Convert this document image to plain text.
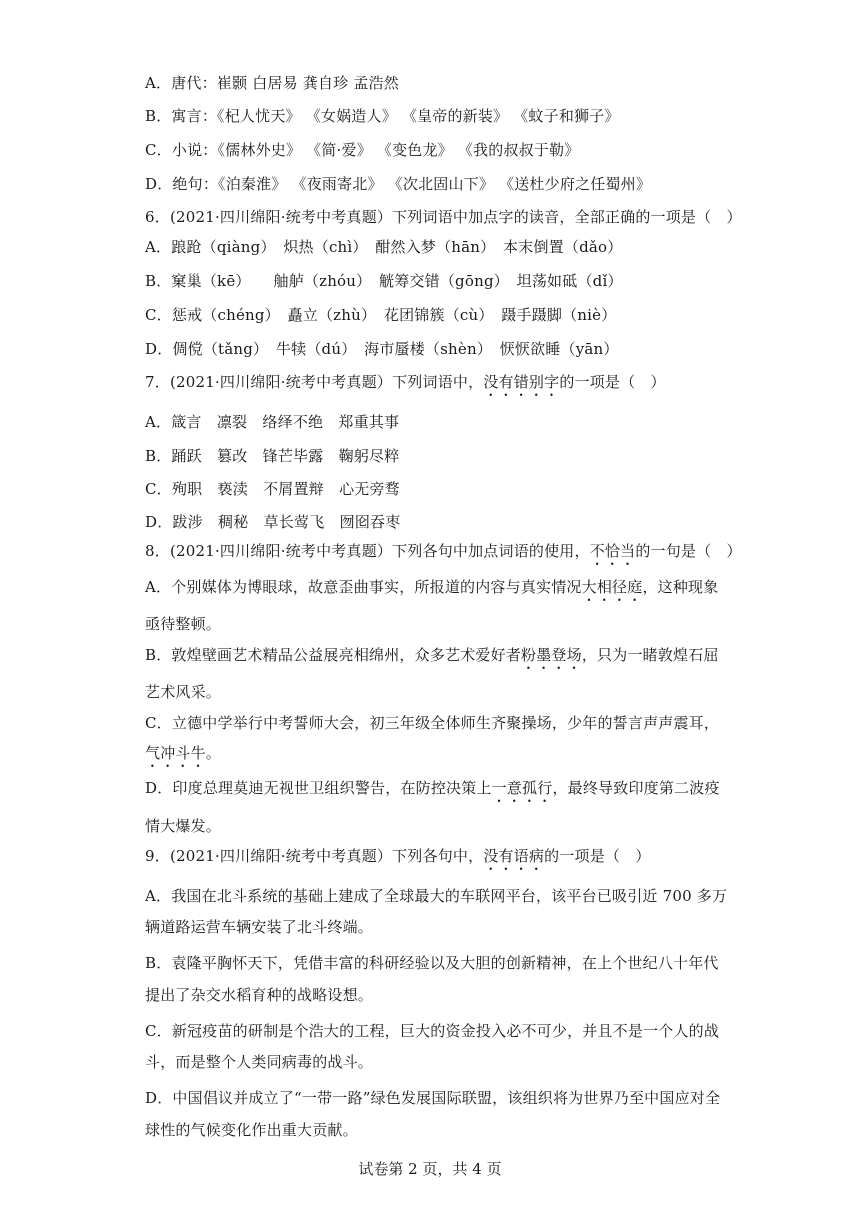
A．唐代：崔颢 白居易 龚自珍 孟浩然
B．寓言：《杞人忧天》 《女娲造人》 《皇帝的新装》 《蚊子和狮子》
C．小说：《儒林外史》 《简·爱》 《变色龙》 《我的叔叔于勒》
D．绝句：《泊秦淮》 《夜雨寄北》 《次北固山下》 《送杜少府之任蜀州》
6．(2021·四川绵阳·统考中考真题）下列词语中加点字的读音，全部正确的一项是（　）
A．踉跄（qiàng）　炽热（chì）　酣然入梦（hān）　本末倒置（dǎo）
B．窠巢（kē）　　舳舻（zhóu）　觥筹交错（gōng）　坦荡如砥（dǐ）
C．惩戒（chéng）　矗立（zhù）　花团锦簇（cù）　蹑手蹑脚（niè）
D．倜傥（tǎng）　牛犊（dú）　海市蜃楼（shèn）　恹恹欲睡（yān）
7．(2021·四川绵阳·统考中考真题）下列词语中，没有错别字的一项是（　）
A．箴言　凛裂　络绎不绝　郑重其事
B．踊跃　篡改　锋芒毕露　鞠躬尽粹
C．殉职　亵渎　不屑置辩　心无旁骛
D．跋涉　稠秘　草长莺飞　囫囵吞枣
8．(2021·四川绵阳·统考中考真题）下列各句中加点词语的使用，不恰当的一句是（　）
A．个别媒体为博眼球，故意歪曲事实，所报道的内容与真实情况大相径庭，这种现象
亟待整顿。
B．敦煌壁画艺术精品公益展亮相绵州，众多艺术爱好者粉墨登场，只为一睹敦煌石屈
艺术风采。
C．立德中学举行中考誓师大会，初三年级全体师生齐聚操场，少年的誓言声声震耳，
气冲斗牛。
D．印度总理莫迪无视世卫组织警告，在防控决策上一意孤行，最终导致印度第二波疫
情大爆发。
9．(2021·四川绵阳·统考中考真题）下列各句中，没有语病的一项是（　）
A．我国在北斗系统的基础上建成了全球最大的车联网平台，该平台已吸引近 700 多万
辆道路运营车辆安装了北斗终端。
B．袁隆平胸怀天下，凭借丰富的科研经验以及大胆的创新精神，在上个世纪八十年代
提出了杂交水稻育种的战略设想。
C．新冠疫苗的研制是个浩大的工程，巨大的资金投入必不可少，并且不是一个人的战
斗，而是整个人类同病毒的战斗。
D．中国倡议并成立了“一带一路”绿色发展国际联盟，该组织将为世界乃至中国应对全
球性的气候变化作出重大贡献。
试卷第 2 页，共 4 页
